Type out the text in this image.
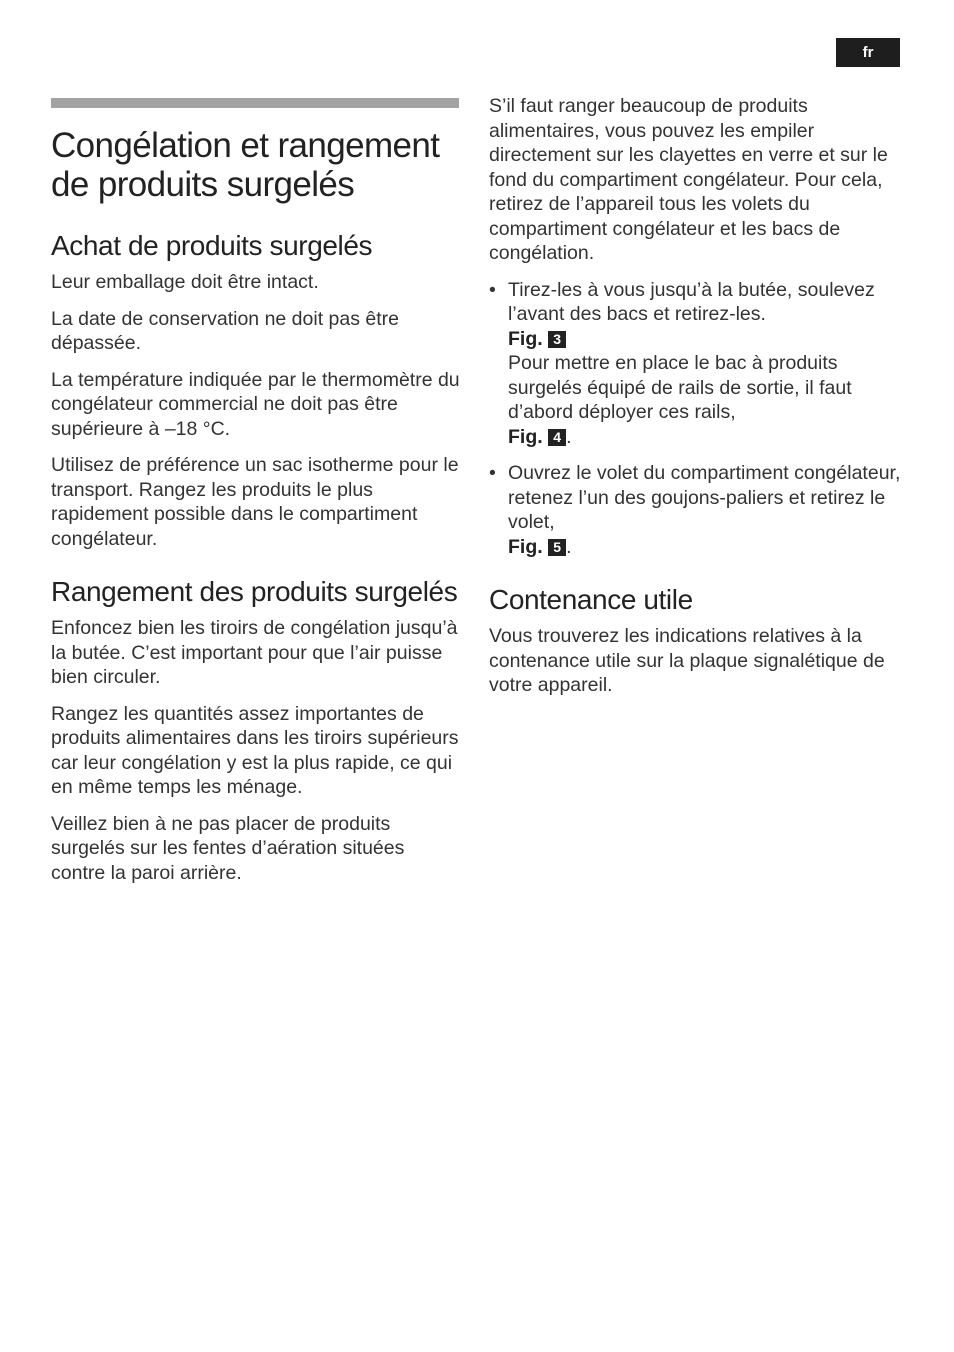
fr
Congélation et rangement de produits surgelés
Achat de produits surgelés

Leur emballage doit être intact.

La date de conservation ne doit pas être dépassée.

La température indiquée par le thermomètre du congélateur commercial ne doit pas être supérieure à –18 °C.

Utilisez de préférence un sac isotherme pour le transport. Rangez les produits le plus rapidement possible dans le compartiment congélateur.

Rangement des produits surgelés

Enfoncez bien les tiroirs de congélation jusqu’à la butée. C’est important pour que l’air puisse bien circuler.

Rangez les quantités assez importantes de produits alimentaires dans les tiroirs supérieurs car leur congélation y est la plus rapide, ce qui en même temps les ménage.

Veillez bien à ne pas placer de produits surgelés sur les fentes d’aération situées contre la paroi arrière.

S’il faut ranger beaucoup de produits alimentaires, vous pouvez les empiler directement sur les clayettes en verre et sur le fond du compartiment congélateur. Pour cela, retirez de l’appareil tous les volets du compartiment congélateur et les bacs de congélation.

• Tirez-les à vous jusqu’à la butée, soulevez l’avant des bacs et retirez-les.
Fig. 3
Pour mettre en place le bac à produits surgelés équipé de rails de sortie, il faut d’abord déployer ces rails,
Fig. 4 .
• Ouvrez le volet du compartiment congélateur, retenez l’un des goujons-paliers et retirez le volet,
Fig. 5 .
Contenance utile

Vous trouverez les indications relatives à la contenance utile sur la plaque signalétique de votre appareil.
